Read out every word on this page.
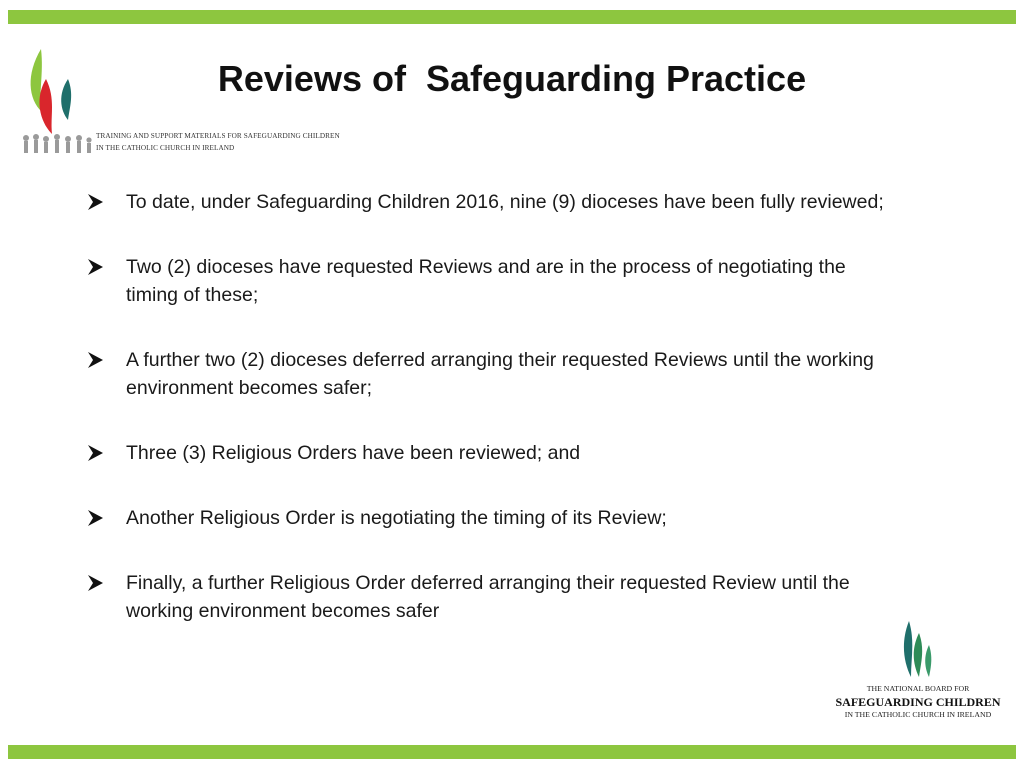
TRAINING AND SUPPORT MATERIALS FOR SAFEGUARDING CHILDREN
IN THE CATHOLIC CHURCH IN IRELAND
Reviews of  Safeguarding Practice
To date, under Safeguarding Children 2016, nine (9) dioceses have been fully reviewed;
Two (2) dioceses have requested Reviews and are in the process of negotiating the timing of these;
A further two (2) dioceses deferred arranging their requested Reviews until the working environment becomes safer;
Three (3) Religious Orders have been reviewed; and
Another Religious Order is negotiating the timing of its Review;
Finally, a further Religious Order deferred arranging their requested Review until the working environment becomes safer
THE NATIONAL BOARD FOR
SAFEGUARDING CHILDREN
IN THE CATHOLIC CHURCH IN IRELAND
